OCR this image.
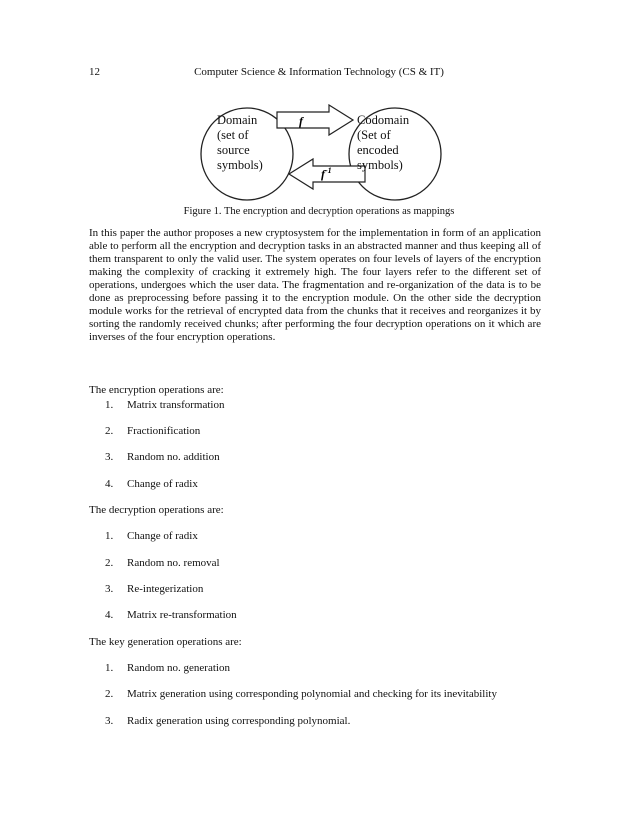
12	Computer Science & Information Technology (CS & IT)
Domain
(set of
source
symbols)
Codomain
(Set of
encoded
symbols)
f
$f^{-1}$
Figure 1. The encryption and decryption operations as mappings

In this paper the author proposes a new cryptosystem for the implementation in form of an application able to perform all the encryption and decryption tasks in an abstracted manner and thus keeping all of them transparent to only the valid user. The system operates on four levels of layers of the encryption making the complexity of cracking it extremely high. The four layers refer to the different set of operations, undergoes which the user data. The fragmentation and re-organization of the data is to be done as preprocessing before passing it to the encryption module. On the other side the decryption module works for the retrieval of encrypted data from the chunks that it receives and reorganizes it by sorting the randomly received chunks; after performing the four decryption operations on it which are inverses of the four encryption operations.

The encryption operations are:
1. Matrix transformation
2. Fractionification
3. Random no. addition
4. Change of radix
The decryption operations are:
1. Change of radix
2. Random no. removal
3. Re-integerization
4. Matrix re-transformation
The key generation operations are:
1. Random no. generation
2. Matrix generation using corresponding polynomial and checking for its inevitability
3. Radix generation using corresponding polynomial.
